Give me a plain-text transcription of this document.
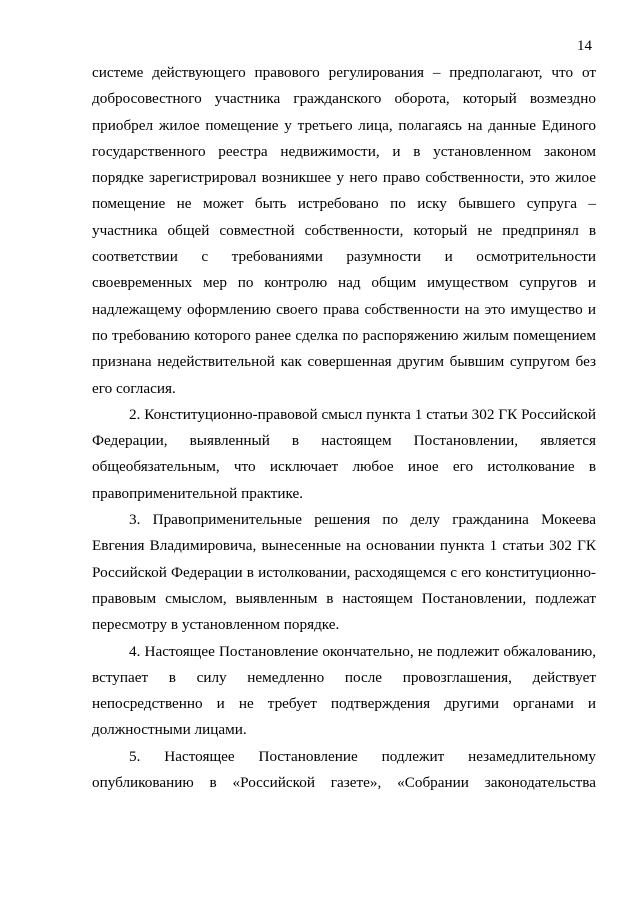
14

системе действующего правового регулирования – предполагают, что от добросовестного участника гражданского оборота, который возмездно приобрел жилое помещение у третьего лица, полагаясь на данные Единого государственного реестра недвижимости, и в установленном законом порядке зарегистрировал возникшее у него право собственности, это жилое помещение не может быть истребовано по иску бывшего супруга – участника общей совместной собственности, который не предпринял в соответствии с требованиями разумности и осмотрительности своевременных мер по контролю над общим имуществом супругов и надлежащему оформлению своего права собственности на это имущество и по требованию которого ранее сделка по распоряжению жилым помещением признана недействительной как совершенная другим бывшим супругом без его согласия.

2. Конституционно-правовой смысл пункта 1 статьи 302 ГК Российской Федерации, выявленный в настоящем Постановлении, является общеобязательным, что исключает любое иное его истолкование в правоприменительной практике.

3. Правоприменительные решения по делу гражданина Мокеева Евгения Владимировича, вынесенные на основании пункта 1 статьи 302 ГК Российской Федерации в истолковании, расходящемся с его конституционно-правовым смыслом, выявленным в настоящем Постановлении, подлежат пересмотру в установленном порядке.

4. Настоящее Постановление окончательно, не подлежит обжалованию, вступает в силу немедленно после провозглашения, действует непосредственно и не требует подтверждения другими органами и должностными лицами.

5. Настоящее Постановление подлежит незамедлительному опубликованию в «Российской газете», «Собрании законодательства
